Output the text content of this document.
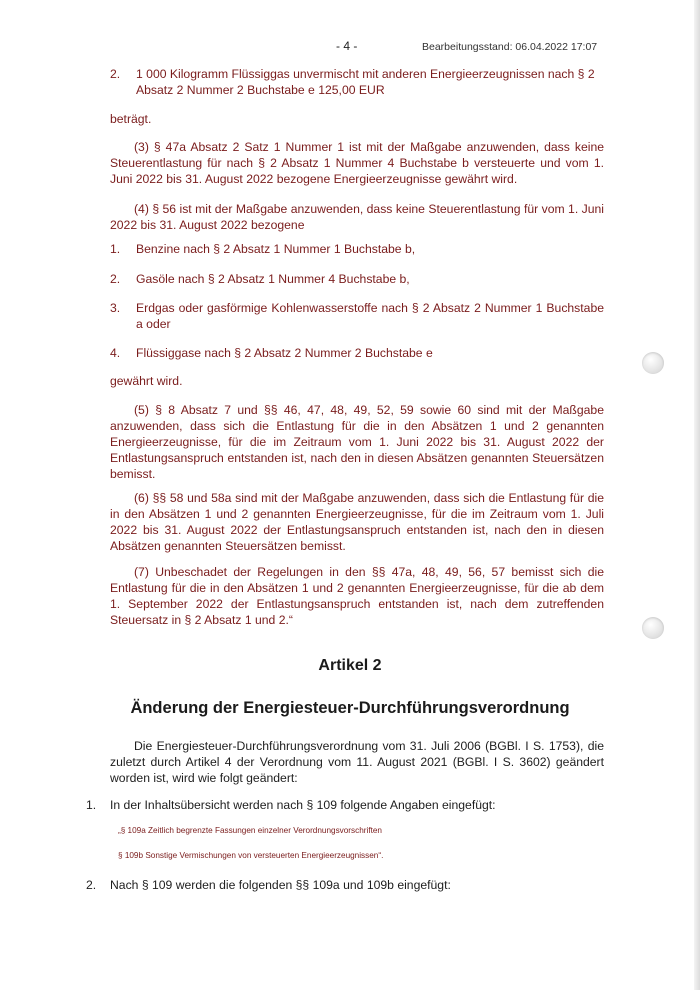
- 4 -	Bearbeitungsstand: 06.04.2022 17:07
2. 1 000 Kilogramm Flüssiggas unvermischt mit anderen Energieerzeugnissen nach § 2 Absatz 2 Nummer 2 Buchstabe e 125,00 EUR
beträgt.
(3) § 47a Absatz 2 Satz 1 Nummer 1 ist mit der Maßgabe anzuwenden, dass keine Steuerentlastung für nach § 2 Absatz 1 Nummer 4 Buchstabe b versteuerte und vom 1. Juni 2022 bis 31. August 2022 bezogene Energieerzeugnisse gewährt wird.
(4) § 56 ist mit der Maßgabe anzuwenden, dass keine Steuerentlastung für vom 1. Juni 2022 bis 31. August 2022 bezogene
1. Benzine nach § 2 Absatz 1 Nummer 1 Buchstabe b,
2. Gasöle nach § 2 Absatz 1 Nummer 4 Buchstabe b,
3. Erdgas oder gasförmige Kohlenwasserstoffe nach § 2 Absatz 2 Nummer 1 Buchstabe a oder
4. Flüssiggase nach § 2 Absatz 2 Nummer 2 Buchstabe e
gewährt wird.
(5) § 8 Absatz 7 und §§ 46, 47, 48, 49, 52, 59 sowie 60 sind mit der Maßgabe anzuwenden, dass sich die Entlastung für die in den Absätzen 1 und 2 genannten Energieerzeugnisse, für die im Zeitraum vom 1. Juni 2022 bis 31. August 2022 der Entlastungsanspruch entstanden ist, nach den in diesen Absätzen genannten Steuersätzen bemisst.
(6) §§ 58 und 58a sind mit der Maßgabe anzuwenden, dass sich die Entlastung für die in den Absätzen 1 und 2 genannten Energieerzeugnisse, für die im Zeitraum vom 1. Juli 2022 bis 31. August 2022 der Entlastungsanspruch entstanden ist, nach den in diesen Absätzen genannten Steuersätzen bemisst.
(7) Unbeschadet der Regelungen in den §§ 47a, 48, 49, 56, 57 bemisst sich die Entlastung für die in den Absätzen 1 und 2 genannten Energieerzeugnisse, für die ab dem 1. September 2022 der Entlastungsanspruch entstanden ist, nach dem zutreffenden Steuersatz in § 2 Absatz 1 und 2.“
Artikel 2
Änderung der Energiesteuer-Durchführungsverordnung
Die Energiesteuer-Durchführungsverordnung vom 31. Juli 2006 (BGBl. I S. 1753), die zuletzt durch Artikel 4 der Verordnung vom 11. August 2021 (BGBl. I S. 3602) geändert worden ist, wird wie folgt geändert:
1. In der Inhaltsübersicht werden nach § 109 folgende Angaben eingefügt:
„§ 109a Zeitlich begrenzte Fassungen einzelner Verordnungsvorschriften
§ 109b Sonstige Vermischungen von versteuerten Energieerzeugnissen“.
2. Nach § 109 werden die folgenden §§ 109a und 109b eingefügt:
